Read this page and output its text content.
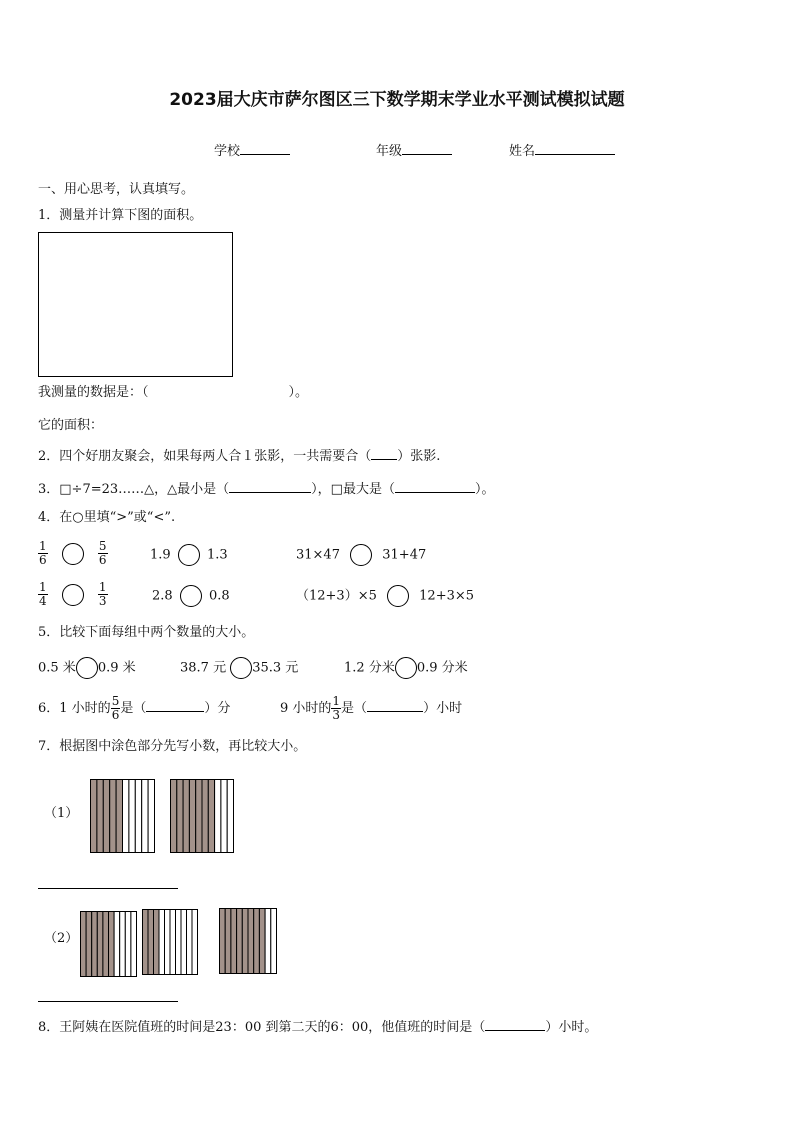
2023届大庆市萨尔图区三下数学期末学业水平测试模拟试题
学校	年级	姓名
一、用心思考，认真填写。
1．测量并计算下图的面积。
我测量的数据是：（	）。
它的面积：
2．四个好朋友聚会，如果每两人合１张影，一共需要合（ ）张影.
3．□÷7=23……△，△最小是（	），□最大是（	）。
4．在○里填“>”或“<”.
$\frac{1}{6}$
	$\frac{5}{6}$	1.9	1.3	31×47	31+47
$\frac{1}{4}$
	$\frac{1}{3}$	2.8	0.8	（12+3）×5	12+3×5
5．比较下面每组中两个数量的大小。
0.5 米 0.9 米	38.7 元 35.3 元	1.2 分米 0.9 分米
6．1 小时的 $\frac{5}{6}$ 是（	）分	9 小时的 $\frac{1}{3}$ 是（	）小时
7．根据图中涂色部分先写小数，再比较大小。
（1）
（2）
8．王阿姨在医院值班的时间是23：00 到第二天的6：00，他值班的时间是（	）小时。
